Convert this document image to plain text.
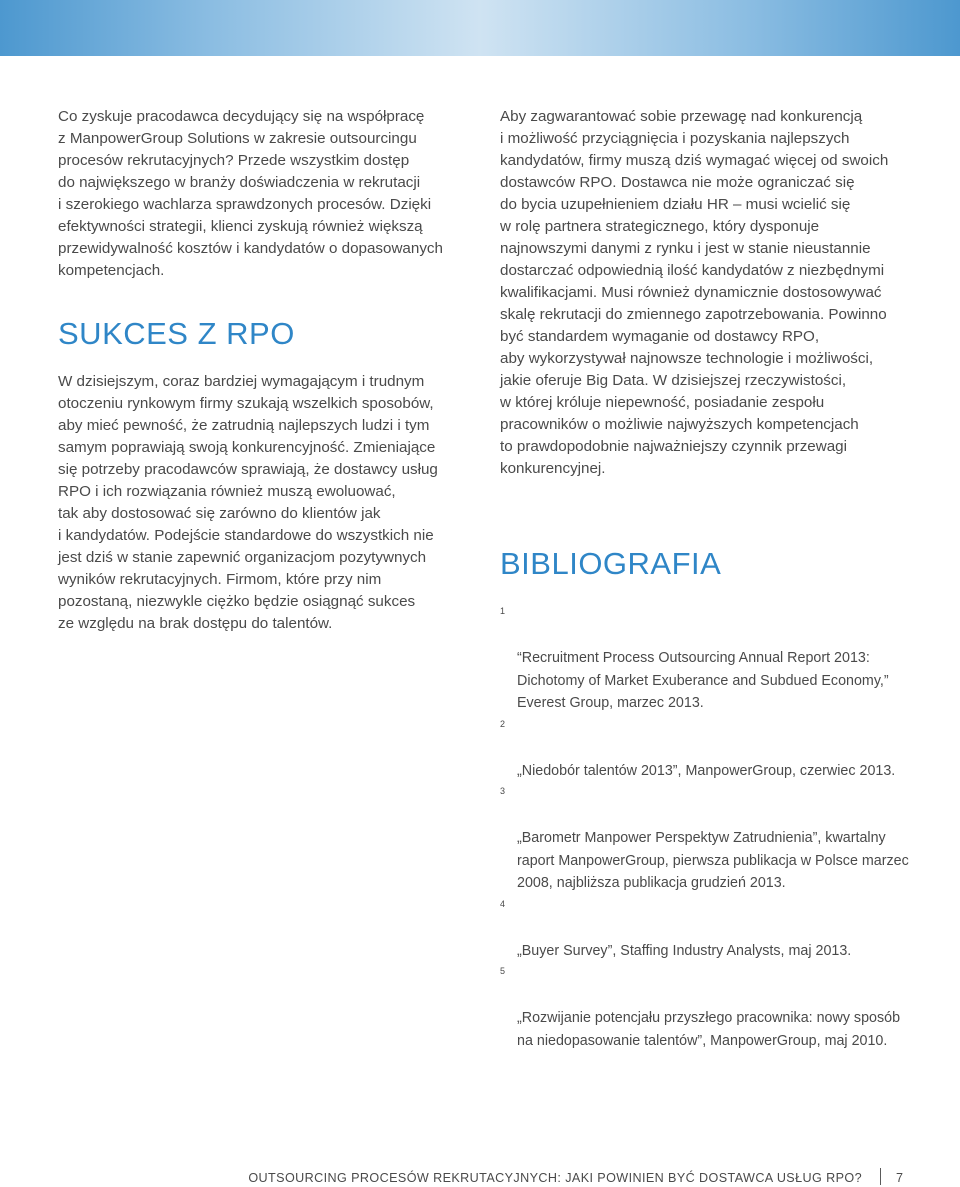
Co zyskuje pracodawca decydujący się na współpracę
z ManpowerGroup Solutions w zakresie outsourcingu
procesów rekrutacyjnych? Przede wszystkim dostęp
do największego w branży doświadczenia w rekrutacji
i szerokiego wachlarza sprawdzonych procesów. Dzięki
efektywności strategii, klienci zyskują również większą
przewidywalność kosztów i kandydatów o dopasowanych
kompetencjach.

SUKCES Z RPO

W dzisiejszym, coraz bardziej wymagającym i trudnym
otoczeniu rynkowym firmy szukają wszelkich sposobów,
aby mieć pewność, że zatrudnią najlepszych ludzi i tym
samym poprawiają swoją konkurencyjność. Zmieniające
się potrzeby pracodawców sprawiają, że dostawcy usług
RPO i ich rozwiązania również muszą ewoluować,
tak aby dostosować się zarówno do klientów jak
i kandydatów. Podejście standardowe do wszystkich nie
jest dziś w stanie zapewnić organizacjom pozytywnych
wyników rekrutacyjnych. Firmom, które przy nim
pozostaną, niezwykle ciężko będzie osiągnąć sukces
ze względu na brak dostępu do talentów.

Aby zagwarantować sobie przewagę nad konkurencją
i możliwość przyciągnięcia i pozyskania najlepszych
kandydatów, firmy muszą dziś wymagać więcej od swoich
dostawców RPO. Dostawca nie może ograniczać się
do bycia uzupełnieniem działu HR – musi wcielić się
w rolę partnera strategicznego, który dysponuje
najnowszymi danymi z rynku i jest w stanie nieustannie
dostarczać odpowiednią ilość kandydatów z niezbędnymi
kwalifikacjami. Musi również dynamicznie dostosowywać
skalę rekrutacji do zmiennego zapotrzebowania. Powinno
być standardem wymaganie od dostawcy RPO,
aby wykorzystywał najnowsze technologie i możliwości,
jakie oferuje Big Data. W dzisiejszej rzeczywistości,
w której króluje niepewność, posiadanie zespołu
pracowników o możliwie najwyższych kompetencjach
to prawdopodobnie najważniejszy czynnik przewagi
konkurencyjnej.

BIBLIOGRAFIA

1

“Recruitment Process Outsourcing Annual Report 2013:
Dichotomy of Market Exuberance and Subdued Economy,”
Everest Group, marzec 2013.

2

„Niedobór talentów 2013”, ManpowerGroup, czerwiec 2013.

3

„Barometr Manpower Perspektyw Zatrudnienia”, kwartalny
raport ManpowerGroup, pierwsza publikacja w Polsce marzec
2008, najbliższa publikacja grudzień 2013.

4

„Buyer Survey”, Staffing Industry Analysts, maj 2013.

5

„Rozwijanie potencjału przyszłego pracownika: nowy sposób
na niedopasowanie talentów”, ManpowerGroup, maj 2010.

OUTSOURCING PROCESÓW REKRUTACYJNYCH: JAKI POWINIEN BYĆ DOSTAWCA USŁUG RPO?	7
